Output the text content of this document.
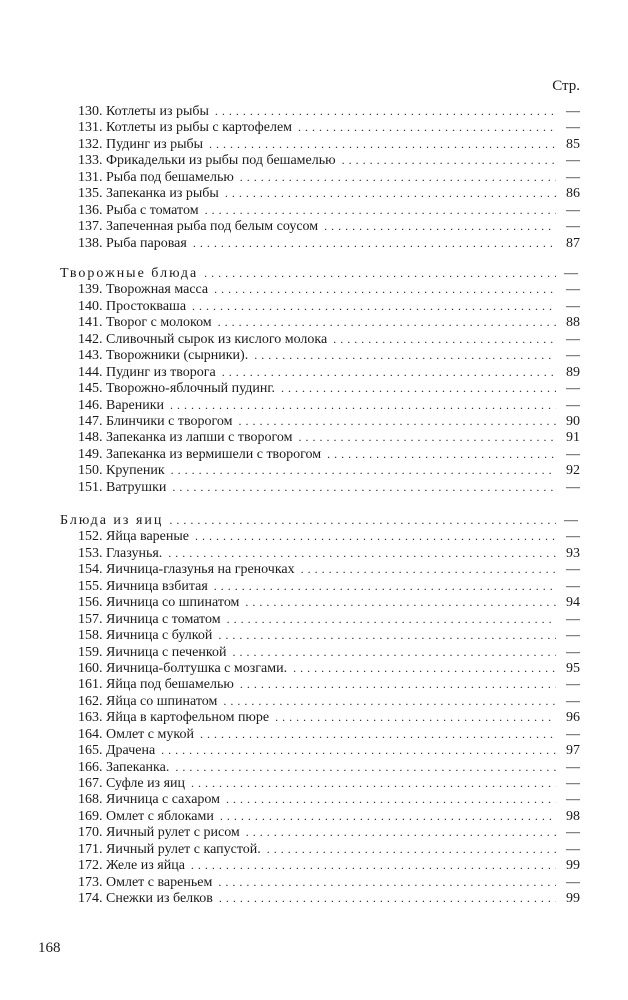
Стр.
130. Котлеты из рыбы . . .	—
131. Котлеты из рыбы с картофелем . . .	—
132. Пудинг из рыбы . . .	85
133. Фрикадельки из рыбы под бешамелью . . .	—
131. Рыба под бешамелью . . .	—
135. Запеканка из рыбы . . .	86
136. Рыба с томатом . . .	—
137. Запеченная рыба под белым соусом . . .	—
138. Рыба паровая . . .	87
Творожные блюда . . .	—
139. Творожная масса . . .	—
140. Простокваша . . .	—
141. Творог с молоком . . .	88
142. Сливочный сырок из кислого молока . . .	—
143. Творожники (сырники). . . .	—
144. Пудинг из творога . . .	89
145. Творожно-яблочный пудинг. . . .	—
146. Вареники . . .	—
147. Блинчики с творогом . . .	90
148. Запеканка из лапши с творогом . . .	91
149. Запеканка из вермишели с творогом . . .	—
150. Крупеник . . .	92
151. Ватрушки . . .	—
Блюда из яиц . . .	—
152. Яйца вареные . . .	—
153. Глазунья. . . .	93
154. Яичница-глазунья на греночках . . .	—
155. Яичница взбитая . . .	—
156. Яичница со шпинатом . . .	94
157. Яичница с томатом . . .	—
158. Яичница с булкой . . .	—
159. Яичница с печенкой . . .	—
160. Яичница-болтушка с мозгами. . . .	95
161. Яйца под бешамелью . . .	—
162. Яйца со шпинатом . . .	—
163. Яйца в картофельном пюре . . .	96
164. Омлет с мукой . . .	—
165. Драчена . . .	97
166. Запеканка. . . .	—
167. Суфле из яиц . . .	—
168. Яичница с сахаром . . .	—
169. Омлет с яблоками . . .	98
170. Яичный рулет с рисом . . .	—
171. Яичный рулет с капустой. . . .	—
172. Желе из яйца . . .	99
173. Омлет с вареньем . . .	—
174. Снежки из белков . . .	99
168
